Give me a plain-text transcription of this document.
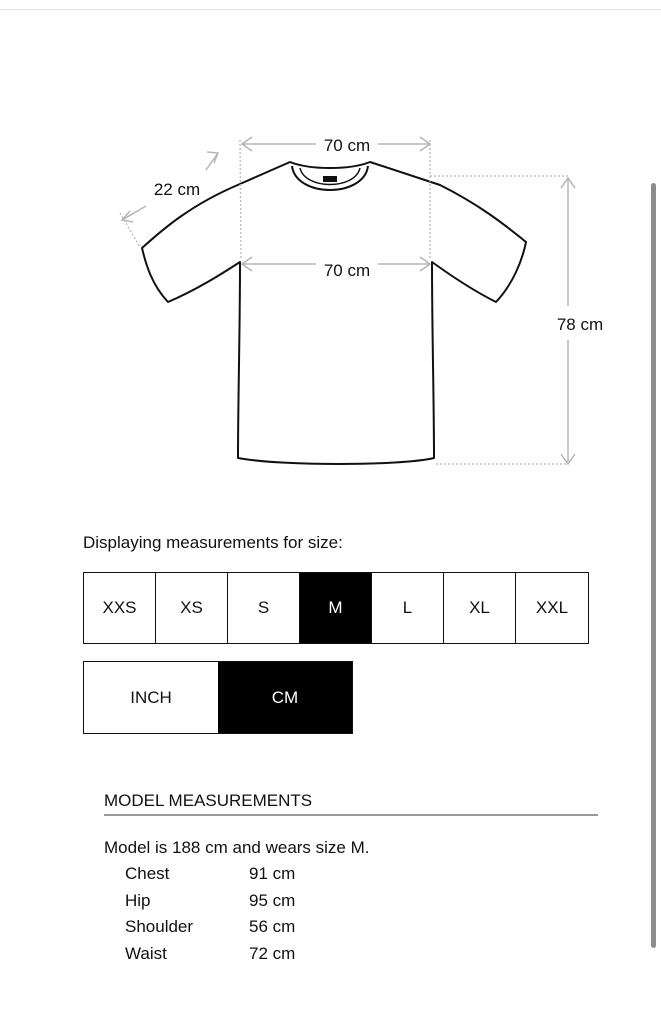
70 cm
22 cm
70 cm
78 cm
Displaying measurements for size:
XXS	XS	S	M	L	XL	XXL
INCH	CM
MODEL MEASUREMENTS
Model is 188 cm and wears size M.
Chest	91 cm
Hip	95 cm
Shoulder	56 cm
Waist	72 cm
